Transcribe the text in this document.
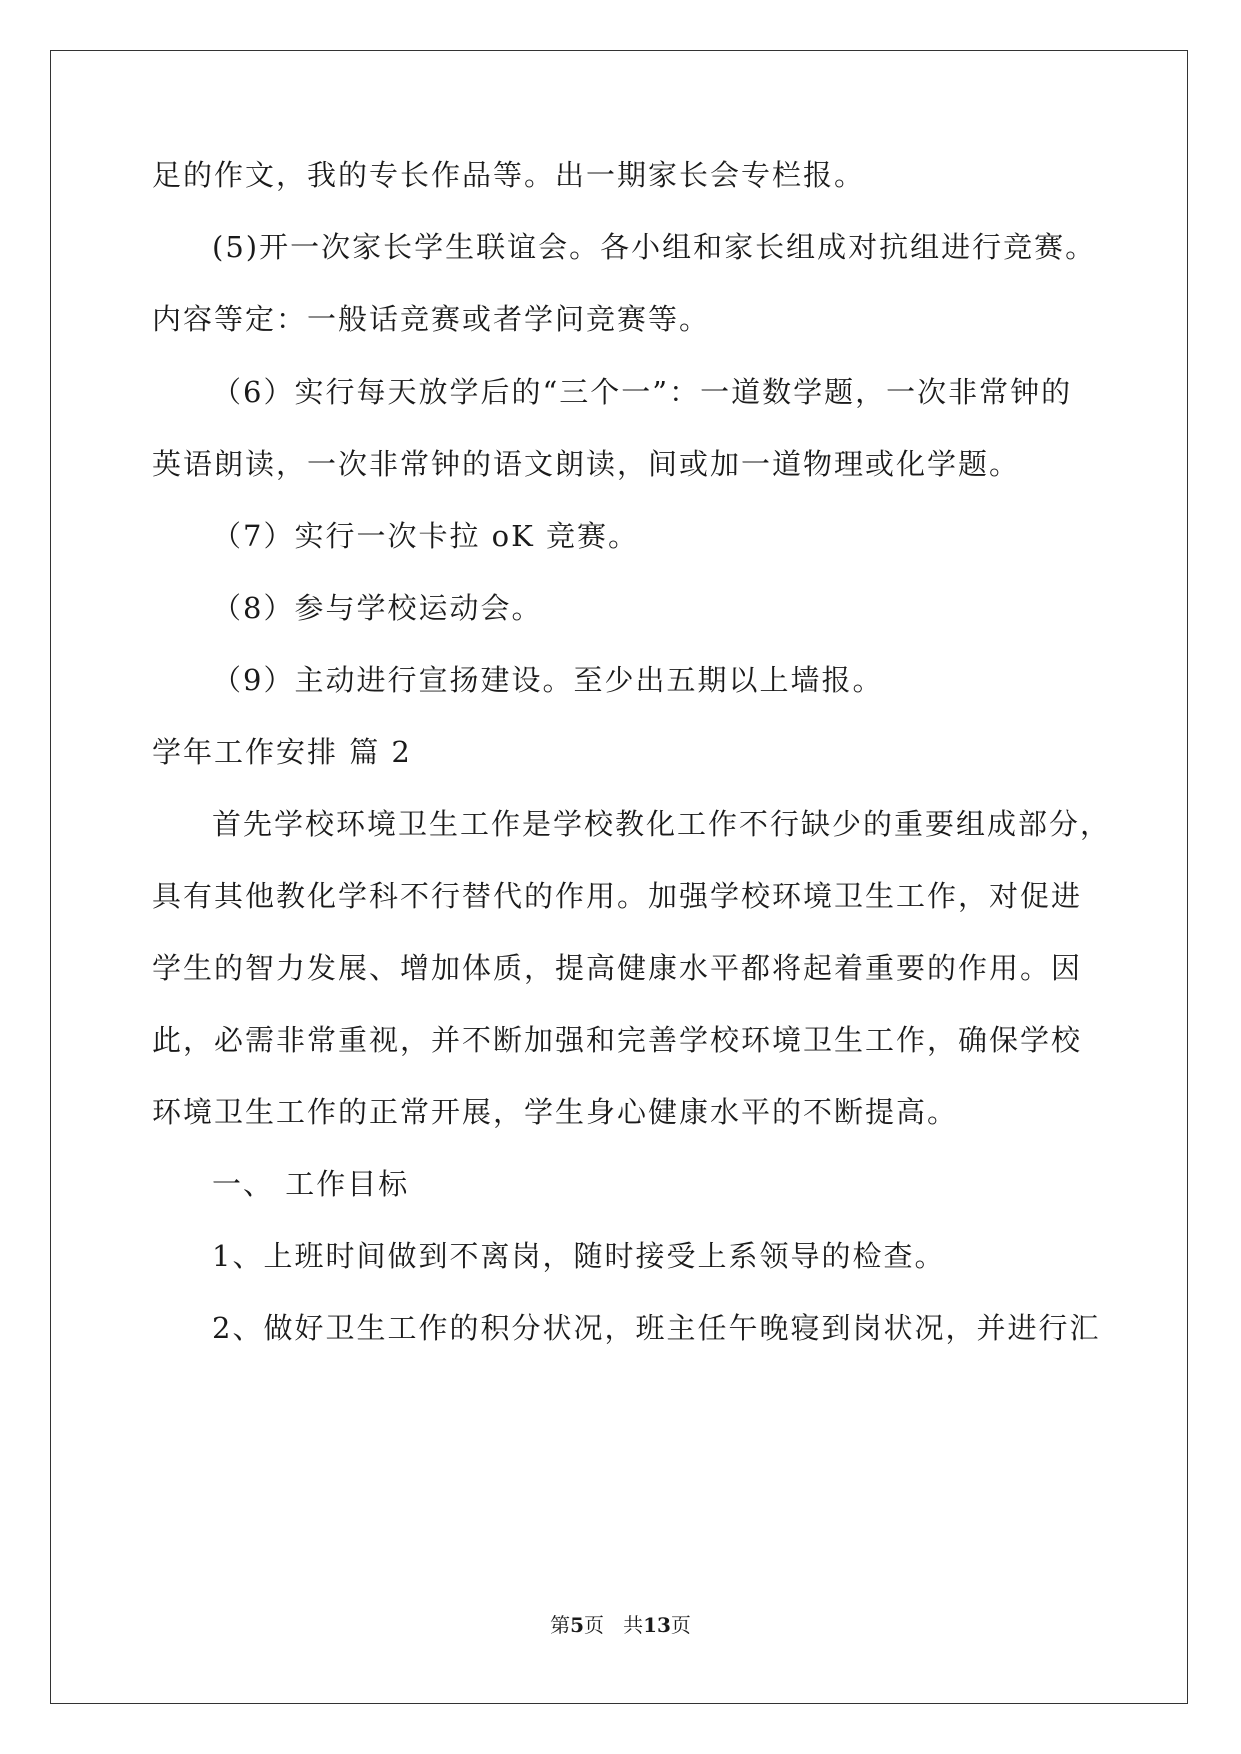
足的作文，我的专长作品等。出一期家长会专栏报。
(5)开一次家长学生联谊会。各小组和家长组成对抗组进行竞赛。
内容等定：一般话竞赛或者学问竞赛等。
（6）实行每天放学后的“三个一”：一道数学题，一次非常钟的
英语朗读，一次非常钟的语文朗读，间或加一道物理或化学题。
（7）实行一次卡拉 oK 竞赛。
（8）参与学校运动会。
（9）主动进行宣扬建设。至少出五期以上墙报。
学年工作安排 篇 2
首先学校环境卫生工作是学校教化工作不行缺少的重要组成部分，
具有其他教化学科不行替代的作用。加强学校环境卫生工作，对促进
学生的智力发展、增加体质，提高健康水平都将起着重要的作用。因
此，必需非常重视，并不断加强和完善学校环境卫生工作，确保学校
环境卫生工作的正常开展，学生身心健康水平的不断提高。
一、 工作目标
1、上班时间做到不离岗，随时接受上系领导的检查。
2、做好卫生工作的积分状况，班主任午晚寝到岗状况，并进行汇
第5页   共13页
